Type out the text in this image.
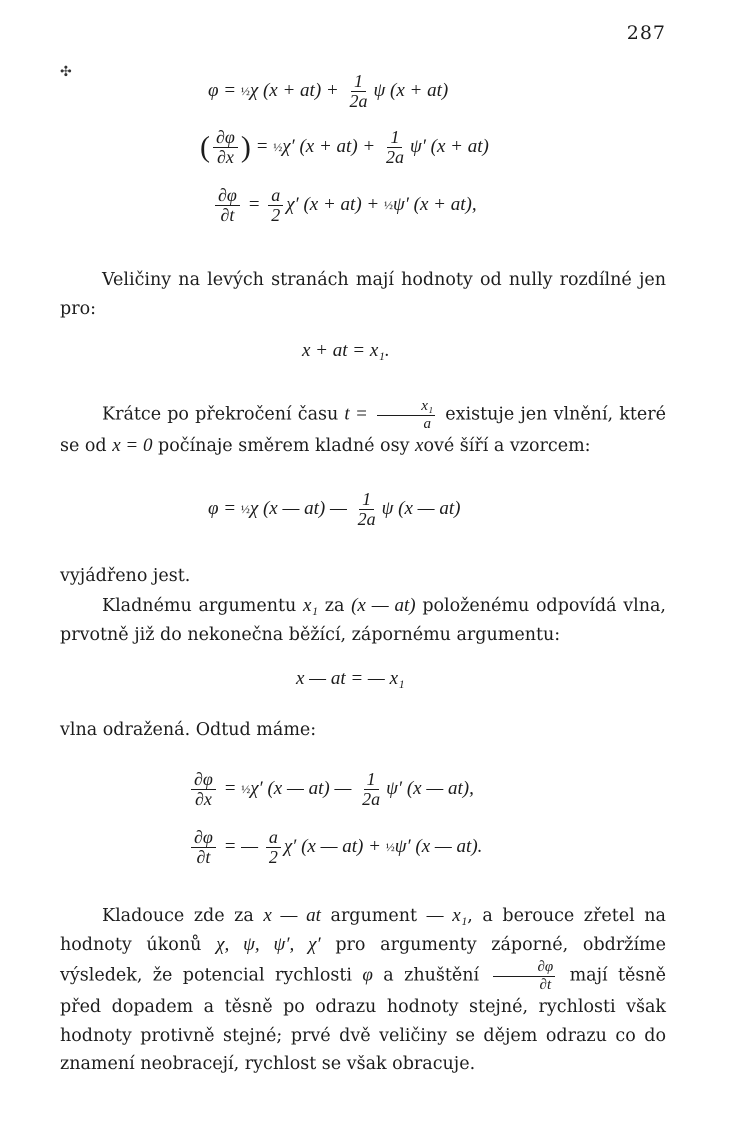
287
✣
φ = ½χ $(x + at) + \frac{1}{2a}$ ψ (x + at)
( $\frac{\partial\varphi}{\partial x}$ ) = ½χ′ $(x + at) + \frac{1}{2a} \psi'$ (x + at)
$\frac{\partial\varphi}{\partial t} = \frac{a}{2} \chi'$ (x + at) + ½ψ′ (x + at),
Veličiny na levých stranách mají hodnoty od nully rozdílné jen pro:
x + at = x₁.
Krátce po překročení času $t = \frac{\text{x₁}}{a}$ existuje jen vlnění, které se od x = 0 počínaje směrem kladné osy xové šíří a vzorcem:
φ = ½χ (x — at) — $\frac{1}{2a}$ ψ (x — at)
vyjádřeno jest.
Kladnému argumentu x₁ za (x — at) položenému odpovídá vlna, prvotně již do nekonečna běžící, zápornému argumentu:
x — at = — x₁
vlna odražená. Odtud máme:
$\frac{\partial\varphi}{\partial x}$ = ½χ′ (x — at) — $\frac{1}{2a} \psi'$ (x — at),
$\frac{\partial\varphi}{\partial t}$ = — $\frac{a}{2} \chi'$ (x — at) + ½ψ′ (x — at).
Kladouce zde za x — at argument — x₁, a berouce zřetel na hodnoty úkonů χ, ψ, ψ′, χ′ pro argumenty záporné, obdržíme výsledek, že potencial rychlosti φ a zhuštění $\frac{\partial\varphi}{\partial t}$ mají těsně před dopadem a těsně po odrazu hodnoty stejné, rychlosti však hodnoty protivně stejné; prvé dvě veličiny se dějem odrazu co do znamení neobracejí, rychlost se však obracuje.
